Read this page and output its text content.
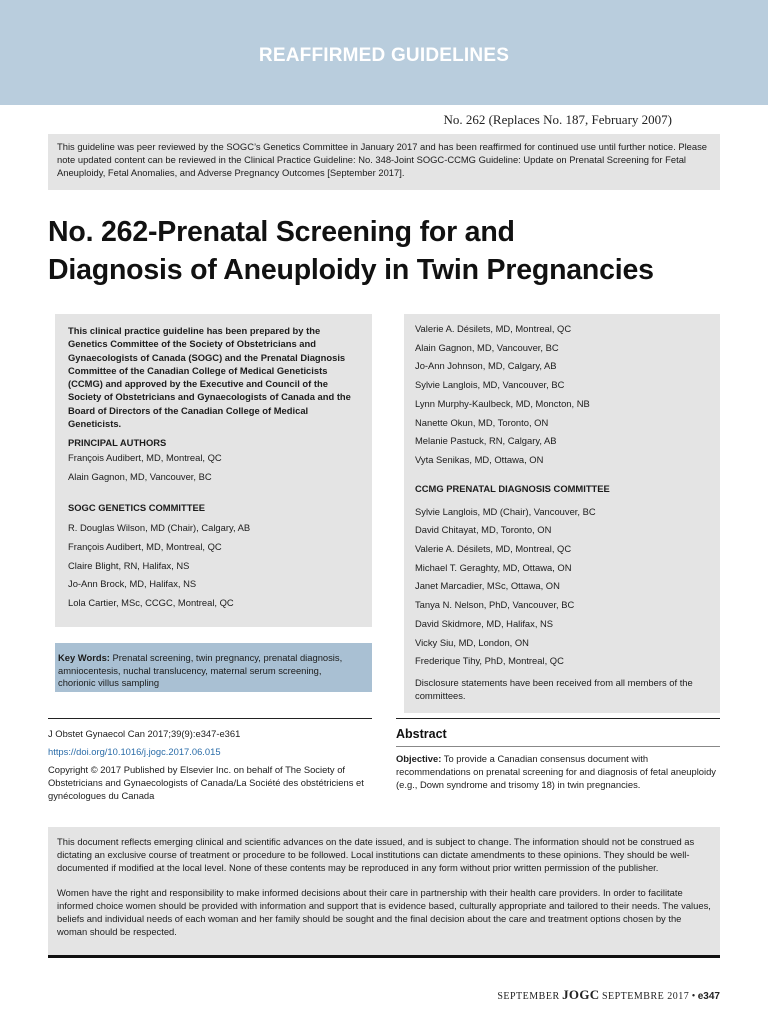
REAFFIRMED GUIDELINES
No. 262 (Replaces No. 187, February 2007)
This guideline was peer reviewed by the SOGC’s Genetics Committee in January 2017 and has been reaffirmed for continued use until further notice. Please note updated content can be reviewed in the Clinical Practice Guideline: No. 348-Joint SOGC-CCMG Guideline: Update on Prenatal Screening for Fetal Aneuploidy, Fetal Anomalies, and Adverse Pregnancy Outcomes [September 2017].
No. 262-Prenatal Screening for and
Diagnosis of Aneuploidy in Twin Pregnancies

This clinical practice guideline has been prepared by the Genetics Committee of the Society of Obstetricians and Gynaecologists of Canada (SOGC) and the Prenatal Diagnosis Committee of the Canadian College of Medical Geneticists (CCMG) and approved by the Executive and Council of the Society of Obstetricians and Gynaecologists of Canada and the Board of Directors of the Canadian College of Medical Geneticists.

PRINCIPAL AUTHORS

François Audibert, MD, Montreal, QC

Alain Gagnon, MD, Vancouver, BC

SOGC GENETICS COMMITTEE

R. Douglas Wilson, MD (Chair), Calgary, AB

François Audibert, MD, Montreal, QC

Claire Blight, RN, Halifax, NS

Jo-Ann Brock, MD, Halifax, NS

Lola Cartier, MSc, CCGC, Montreal, QC

Key Words: Prenatal screening, twin pregnancy, prenatal diagnosis, amniocentesis, nuchal translucency, maternal serum screening, chorionic villus sampling

Valerie A. Désilets, MD, Montreal, QC

Alain Gagnon, MD, Vancouver, BC

Jo-Ann Johnson, MD, Calgary, AB

Sylvie Langlois, MD, Vancouver, BC

Lynn Murphy-Kaulbeck, MD, Moncton, NB

Nanette Okun, MD, Toronto, ON

Melanie Pastuck, RN, Calgary, AB

Vyta Senikas, MD, Ottawa, ON

CCMG PRENATAL DIAGNOSIS COMMITTEE

Sylvie Langlois, MD (Chair), Vancouver, BC

David Chitayat, MD, Toronto, ON

Valerie A. Désilets, MD, Montreal, QC

Michael T. Geraghty, MD, Ottawa, ON

Janet Marcadier, MSc, Ottawa, ON

Tanya N. Nelson, PhD, Vancouver, BC

David Skidmore, MD, Halifax, NS

Vicky Siu, MD, London, ON

Frederique Tihy, PhD, Montreal, QC

Disclosure statements have been received from all members of the committees.

J Obstet Gynaecol Can 2017;39(9):e347-e361

https://doi.org/10.1016/j.jogc.2017.06.015

Copyright © 2017 Published by Elsevier Inc. on behalf of The Society of Obstetricians and Gynaecologists of Canada/La Société des obstétriciens et gynécologues du Canada

Abstract

Objective: To provide a Canadian consensus document with recommendations on prenatal screening for and diagnosis of fetal aneuploidy (e.g., Down syndrome and trisomy 18) in twin pregnancies.

This document reflects emerging clinical and scientific advances on the date issued, and is subject to change. The information should not be construed as dictating an exclusive course of treatment or procedure to be followed. Local institutions can dictate amendments to these opinions. They should be well-documented if modified at the local level. None of these contents may be reproduced in any form without prior written permission of the publisher.

Women have the right and responsibility to make informed decisions about their care in partnership with their health care providers. In order to facilitate informed choice women should be provided with information and support that is evidence based, culturally appropriate and tailored to their needs. The values, beliefs and individual needs of each woman and her family should be sought and the final decision about the care and treatment options chosen by the woman should be respected.

SEPTEMBER JOGC SEPTEMBRE 2017 • e347
